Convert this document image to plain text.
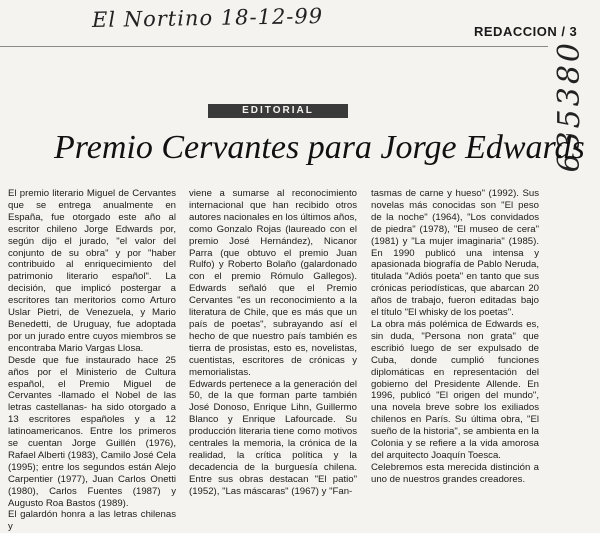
El Nortino 18-12-99	REDACCION / 3
635380
EDITORIAL
Premio Cervantes para Jorge Edwards

El premio literario Miguel de Cervantes que se entrega anualmente en España, fue otorgado este año al escritor chileno Jorge Edwards por, según dijo el jurado, "el valor del conjunto de su obra" y por "haber contribuido al enriquecimiento del patrimonio literario español". La decisión, que implicó postergar a escritores tan meritorios como Arturo Uslar Pietri, de Venezuela, y Mario Benedetti, de Uruguay, fue adoptada por un jurado entre cuyos miembros se encontraba Mario Vargas Llosa.

Desde que fue instaurado hace 25 años por el Ministerio de Cultura español, el Premio Miguel de Cervantes -llamado el Nobel de las letras castellanas- ha sido otorgado a 13 escritores españoles y a 12 latinoamericanos. Entre los primeros se cuentan Jorge Guillén (1976), Rafael Alberti (1983), Camilo José Cela (1995); entre los segundos están Alejo Carpentier (1977), Juan Carlos Onetti (1980), Carlos Fuentes (1987) y Augusto Roa Bastos (1989).

El galardón honra a las letras chilenas y

viene a sumarse al reconocimiento internacional que han recibido otros autores nacionales en los últimos años, como Gonzalo Rojas (laureado con el premio José Hernández), Nicanor Parra (que obtuvo el premio Juan Rulfo) y Roberto Bolaño (galardonado con el premio Rómulo Gallegos). Edwards señaló que el Premio Cervantes "es un reconocimiento a la literatura de Chile, que es más que un país de poetas", subrayando así el hecho de que nuestro país también es tierra de prosistas, esto es, novelistas, cuentistas, escritores de crónicas y memorialistas.

Edwards pertenece a la generación del 50, de la que forman parte también José Donoso, Enrique Lihn, Guillermo Blanco y Enrique Lafourcade. Su producción literaria tiene como motivos centrales la memoria, la crónica de la realidad, la crítica política y la decadencia de la burguesía chilena. Entre sus obras destacan "El patio" (1952), "Las máscaras" (1967) y "Fan-

tasmas de carne y hueso" (1992). Sus novelas más conocidas son "El peso de la noche" (1964), "Los convidados de piedra" (1978), "El museo de cera" (1981) y "La mujer imaginaria" (1985). En 1990 publicó una intensa y apasionada biografía de Pablo Neruda, titulada "Adiós poeta" en tanto que sus crónicas periodísticas, que abarcan 20 años de trabajo, fueron editadas bajo el título "El whisky de los poetas".

La obra más polémica de Edwards es, sin duda, "Persona non grata" que escribió luego de ser expulsado de Cuba, donde cumplió funciones diplomáticas en representación del gobierno del Presidente Allende. En 1996, publicó "El origen del mundo", una novela breve sobre los exiliados chilenos en París. Su última obra, "El sueño de la historia", se ambienta en la Colonia y se refiere a la vida amorosa del arquitecto Joaquín Toesca.

Celebremos esta merecida distinción a uno de nuestros grandes creadores.
